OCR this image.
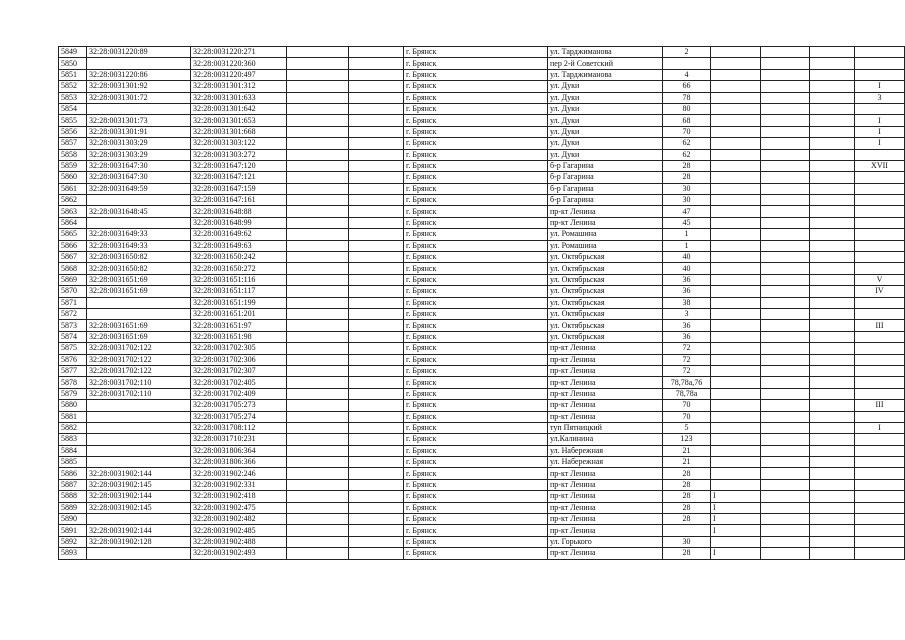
5849	32:28:0031220:89	32:28:0031220:271			г. Брянск	ул. Тарджиманова	2				
5850		32:28:0031220:360			г. Брянск	пер 2-й Советский					
5851	32:28:0031220:86	32:28:0031220:497			г. Брянск	ул. Тарджиманова	4				
5852	32:28:0031301:92	32:28:0031301:312			г. Брянск	ул. Дуки	66				I
5853	32:28:0031301:72	32:28:0031301:633			г. Брянск	ул. Дуки	78				3
5854		32:28:0031301:642			г. Брянск	ул. Дуки	80				
5855	32:28:0031301:73	32:28:0031301:653			г. Брянск	ул. Дуки	68				I
5856	32:28:0031301:91	32:28:0031301:668			г. Брянск	ул. Дуки	70				I
5857	32:28:0031303:29	32:28:0031303:122			г. Брянск	ул. Дуки	62				I
5858	32:28:0031303:29	32:28:0031303:272			г. Брянск	ул. Дуки	62				
5859	32:28:0031647:30	32:28:0031647:120			г. Брянск	б-р Гагарина	28				XVII
5860	32:28:0031647:30	32:28:0031647:121			г. Брянск	б-р Гагарина	28				
5861	32:28:0031649:59	32:28:0031647:159			г. Брянск	б-р Гагарина	30				
5862		32:28:0031647:161			г. Брянск	б-р Гагарина	30				
5863	32:28:0031648:45	32:28:0031648:88			г. Брянск	пр-кт Ленина	47				
5864		32:28:0031648:99			г. Брянск	пр-кт Ленина	45				
5865	32:28:0031649:33	32:28:0031649:62			г. Брянск	ул. Ромашина	1				
5866	32:28:0031649:33	32:28:0031649:63			г. Брянск	ул. Ромашина	1				
5867	32:28:0031650:82	32:28:0031650:242			г. Брянск	ул. Октябрьская	40				
5868	32:28:0031650:82	32:28:0031650:272			г. Брянск	ул. Октябрьская	40				
5869	32:28:0031651:69	32:28:0031651:116			г. Брянск	ул. Октябрьская	36				V
5870	32:28:0031651:69	32:28:0031651:117			г. Брянск	ул. Октябрьская	36				IV
5871		32:28:0031651:199			г. Брянск	ул. Октябрьская	38				
5872		32:28:0031651:201			г. Брянск	ул. Октябрьская	3				
5873	32:28:0031651:69	32:28:0031651:97			г. Брянск	ул. Октябрьская	36				III
5874	32:28:0031651:69	32:28:0031651:98			г. Брянск	ул. Октябрьская	36				
5875	32:28:0031702:122	32:28:0031702:305			г. Брянск	пр-кт Ленина	72				
5876	32:28:0031702:122	32:28:0031702:306			г. Брянск	пр-кт Ленина	72				
5877	32:28:0031702:122	32:28:0031702:307			г. Брянск	пр-кт Ленина	72				
5878	32:28:0031702:110	32:28:0031702:405			г. Брянск	пр-кт Ленина	78,78а,76				
5879	32:28:0031702:110	32:28:0031702:409			г. Брянск	пр-кт Ленина	78,78а				
5880		32:28:0031705:273			г. Брянск	пр-кт Ленина	70				III
5881		32:28:0031705:274			г. Брянск	пр-кт Ленина	70				
5882		32:28:0031708:112			г. Брянск	туп Пятницкий	5				I
5883		32:28:0031710:231			г. Брянск	ул.Калинина	123				
5884		32:28:0031806:364			г. Брянск	ул. Набережная	21				
5885		32:28:0031806:366			г. Брянск	ул. Набережная	21				
5886	32:28:0031902:144	32:28:0031902:246			г. Брянск	пр-кт Ленина	28				
5887	32:28:0031902:145	32:28:0031902:331			г. Брянск	пр-кт Ленина	28				
5888	32:28:0031902:144	32:28:0031902:418			г. Брянск	пр-кт Ленина	28	I			
5889	32:28:0031902:145	32:28:0031902:475			г. Брянск	пр-кт Ленина	28	I			
5890		32:28:0031902:482			г. Брянск	пр-кт Ленина	28	I			
5891	32:28:0031902:144	32:28:0031902:485			г. Брянск	пр-кт Ленина		I			
5892	32:28:0031902:128	32:28:0031902:488			г. Брянск	ул. Горького	30				
5893		32:28:0031902:493			г. Брянск	пр-кт Ленина	28	I			
